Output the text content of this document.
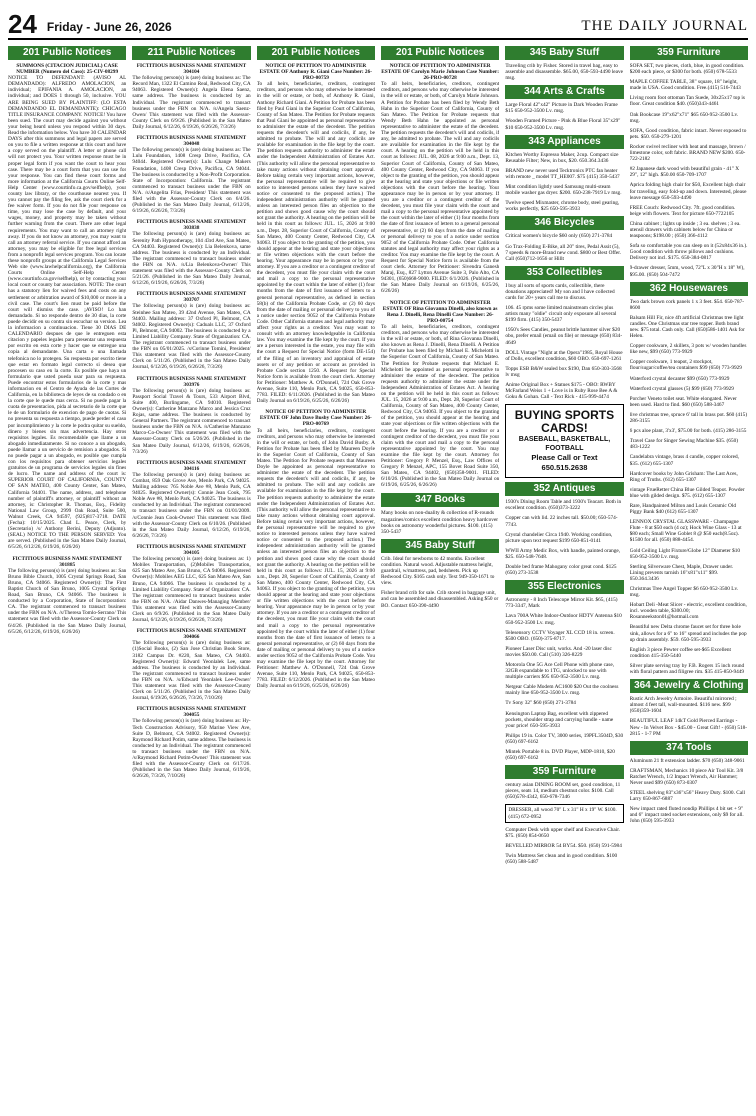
24 Friday - June 26, 2026	THE DAILY JOURNAL
201 Public Notices
SUMMONS (CITACION JUDICIAL) CASE NUMBER (Numero del Caso): 25-CIV-08299

NOTICE TO DEFENDANT: (AVISO AL DEMANDADO): ALFREDO AMOLACION, an individual; EPIFANIA A. AMOLACION, an individual; and DOES 1 through 50, inclusive. YOU ARE BEING SUED BY PLAINTIFF: (LO ESTA DEMANDANDO EL DEMANDANTE): CHICAGO TITLE INSURANCE COMPANY. NOTICE! You have been sued. The court may decide against you without your being heard unless you respond within 30 days. Read the information below. You have 30 CALENDAR DAYS after this summons and legal papers are served on you to file a written response at this court and have a copy served on the plaintiff. A letter or phone call will not protect you. Your written response must be in proper legal form if you want the court to hear your case. There may be a court form that you can use for your response. You can find these court forms and more information at the California Courts Online Self-Help Center (www.courtinfo.ca.gov/selfhelp), your county law library, or the courthouse nearest you. If you cannot pay the filing fee, ask the court clerk for a fee waiver form. If you do not file your response on time, you may lose the case by default, and your wages, money, and property may be taken without further warning from the court. There are other legal requirements. You may want to call an attorney right away. If you do not know an attorney, you may want to call an attorney referral service. If you cannot afford an attorney, you may be eligible for free legal services from a nonprofit legal services program. You can locate these nonprofit groups at the California Legal Services Web site (www.lawhelpcalifornia.org), the California Courts Online Self-Help Center (www.courtinfo.ca.gov/selfhelp), or by contacting your local court or county bar association. NOTE: The court has a statutory lien for waived fees and costs on any settlement or arbitration award of $10,000 or more in a civil case. The court's lien must be paid before the court will dismiss the case. ¡AVISO! Lo han demandado. Si no responde dentro de 30 dias, la corte puede decidir en su contra sin escuchar su version. Lea la informacion a continuacion. Tiene 30 DIAS DE CALENDARIO despues de que le entreguen esta citacion y papeles legales para presentar una respuesta por escrito en esta corte y hacer que se entregue una copia al demandante. Una carta o una llamada telefonica no lo protegen. Su respuesta por escrito tiene que estar en formato legal correcto si desea que procesen su caso en la corte. Es posible que haya un formulario que usted pueda usar para su respuesta. Puede encontrar estos formularios de la corte y mas informacion en el Centro de Ayuda de las Cortes de California, en la biblioteca de leyes de su condado o en la corte que le quede mas cerca. Si no puede pagar la cuota de presentacion, pida al secretario de la corte que le de un formulario de exencion de pago de cuotas. Si no presenta su respuesta a tiempo, puede perder el caso por incumplimiento y la corte le podra quitar su sueldo, dinero y bienes sin mas advertencia. Hay otros requisitos legales. Es recomendable que llame a un abogado inmediatamente. Si no conoce a un abogado, puede llamar a un servicio de remision a abogados. Si no puede pagar a un abogado, es posible que cumpla con los requisitos para obtener servicios legales gratuitos de un programa de servicios legales sin fines de lucro. The name and address of the court is: SUPERIOR COURT OF CALIFORNIA, COUNTY OF SAN MATEO, 400 County Center, San Mateo, California 94401. The name, address, and telephone number of plaintiff's attorney, or plaintiff without an attorney, is: Christopher R. Thomas, Esq., Fidelity National Law Group, 2999 Oak Road, Suite 500, Walnut Creek, CA 94597, (925)817-3718. DATE (Fecha): 10/15/2025. Chad L. Peace, Clerk, by (Secretario) /s/ Anthony Berini, Deputy (Adjunto). (SEAL) NOTICE TO THE PERSON SERVED: You are served. (Published in the San Mateo Daily Journal, 6/5/26, 6/12/26, 6/19/26, 6/26/26)

FICTITIOUS BUSINESS NAME STATEMENT 301885

The following person(s) is (are) doing business as: San Bruno Bible Church, 1005 Crystal Springs Road, San Bruno, CA 94066. Registered Owner(s): The First Baptist Church of San Bruno, 1005 Crystal Springs Road, San Bruno, CA 94066. The business is conducted by a Corporation, State of Incorporation: CA. The registrant commenced to transact business under the FBN on N/A. /s/Theresa Tomlo-Serrano/ This statement was filed with the Assessor-County Clerk on 6/4/26. (Published in the San Mateo Daily Journal, 6/5/26, 6/12/26, 6/19/26, 6/26/26)

211 Public Notices
FICTITIOUS BUSINESS NAME STATEMENT 304104

The following person(s) is (are) doing business as: The Record Man, 1322 El Camino Real, Redwood City, CA 94063. Registered Owner(s): Angela Elena Saenz, same address. The business is conducted by an Individual. The registrant commenced to transact business under the FBN on N/A. /s/Angela Saenz-Owen/ This statement was filed with the Assessor-County Clerk on 6/9/26. (Published in the San Mateo Daily Journal, 6/12/26, 6/19/26, 6/26/26, 7/3/26)

FICTITIOUS BUSINESS NAME STATEMENT 304048

The following person(s) is (are) doing business as: The Lulu Foundation, 1408 Cresp Drive, Pacifica, CA 94044. Registered Owner(s): Lulu Change Makers Foundation, 1408 Cresp Drive, Pacifica, CA 94044. The business is conducted by a Non-Profit Corporation. State of Incorporation: California. The registrant commenced to transact business under the FBN on N/A. /s/Angelita Frias, President/ This statement was filed with the Assessor-County Clerk on 6/4/26. (Published in the San Mateo Daily Journal, 6/12/26, 6/19/26, 6/26/26, 7/3/26)

FICTITIOUS BUSINESS NAME STATEMENT 303838

The following person(s) is (are) doing business as: Serenity Path Hypnotherapy, 104 43rd Ave, San Mateo, CA 94403. Registered Owner(s): Lia Belenkova, same address. The business is conducted by an Individual. The registrant commenced to transact business under the FBN on N/A. /s/Lia Belenkova-Owner/ This statement was filed with the Assessor-County Clerk on 5/21/26. (Published in the San Mateo Daily Journal, 6/12/26, 6/19/26, 6/26/26, 7/3/26)

FICTITIOUS BUSINESS NAME STATEMENT 303707

The following person(s) is (are) doing business as: Steinhee San Mateo, 39 42nd Avenue, San Mateo, CA 94403. Mailing address: 37 Oxford Pl, Belmont, CA 94002. Registered Owner(s): Caduals LLC, 37 Oxford Pl, Belmont, CA 94002. The business is conducted by a Limited Liability Company. State of Organization: CA. The registrant commenced to transact business under the FBN on 05/01/2025. /s/Corinne Tomini, President/ This statement was filed with the Assessor-County Clerk on 5/11/26. (Published in the San Mateo Daily Journal, 6/12/26, 6/19/26, 6/26/26, 7/3/26)

FICTITIOUS BUSINESS NAME STATEMENT 303976

The following person(s) is (are) doing business as: Passport Social Travel & Tours, 533 Airport Blvd, Suite 400, Burlingame, CA 94010. Registered Owner(s): Catherine Manzano Marco and Jessica Cruz Rojas, same address. The business is conducted by General Partners. The registrant commenced to transact business under the FBN on N/A. /s/Catherine Manzano Marco-Co-Owner/ This statement was filed with the Assessor-County Clerk on 5/26/26. (Published in the San Mateo Daily Journal, 6/12/26, 6/19/26, 6/26/26, 7/3/26)

FICTITIOUS BUSINESS NAME STATEMENT 304116

The following person(s) is (are) doing business as: Combat, 859 Oak Grove Ave, Menlo Park, CA 94025. Mailing address: 765 Noble Ave #8, Menlo Park, CA 94025. Registered Owner(s): Connie Jean Cook, 795 Noble Ave #8, Menlo Park, CA 94025. The business is conducted by an Individual. The registrant commenced to transact business under the FBN on 01/01/2009. /s/Connie Jean Cook-Owner/ This statement was filed with the Assessor-County Clerk on 6/10/26. (Published in the San Mateo Daily Journal, 6/12/26, 6/19/26, 6/26/26, 7/3/26)

FICTITIOUS BUSINESS NAME STATEMENT 304105

The following person(s) is (are) doing business as: 1) Mobiles Transportation, (2)Mobiles Transportation, 625 San Mateo Ave, San Bruno, CA 94066. Registered Owner(s): Mobiles AEG LLC, 625 San Mateo Ave, San Bruno, CA 94066. The business is conducted by a Limited Liability Company. State of Organization: CA. The registrant commenced to transact business under the FBN on N/A. /Aidar Danwes-Managing Member/ This statement was filed with the Assessor-County Clerk on 6/9/26. (Published in the San Mateo Daily Journal, 6/12/26, 6/19/26, 6/26/26, 7/3/26)

FICTITIOUS BUSINESS NAME STATEMENT 304066

The following person(s) is (are) doing business as: (1)Social Books, (2) San Jose Christian Book Store, 3182 Campus Dr. #220, San Mateo, CA 94403. Registered Owner(s): Edward Yeonlalek Lee, same address. The business is conducted by an Individual. The registrant commenced to transact business under the FBN on N/A. /s/Edward Yeonlalek Lee-Owner/ This statement was filed with the Assessor-County Clerk on 5/11/26. (Published in the San Mateo Daily Journal, 6/19/26, 6/26/26, 7/3/26, 7/10/26)

FICTITIOUS BUSINESS NAME STATEMENT 304055

The following person(s) is (are) doing business as: Hy-Tech Construction Advisory, 950 Marine View Ave, Suite D, Belmont, CA 94002. Registered Owner(s): Raymond Richard Potim, same address. The business is conducted by an Individual. The registrant commenced to transact business under the FBN on N/A. /s/Raymond Richard Potim-Owner/ This statement was filed with the Assessor-County Clerk on 6/17/26. (Published in the San Mateo Daily Journal, 6/19/26, 6/26/26, 7/3/26, 7/10/26)

201 Public Notices
NOTICE OF PETITION TO ADMINISTER ESTATE OF Anthony R. Giani Case Number: 26-PRO-00759

To all heirs, beneficiaries, creditors, contingent creditors, and persons who may otherwise be interested in the will or estate, or both, of Anthony R. Giani, Anthony Richard Giani. A Petition for Probate has been filed by Paul Giani in the Superior Court of California, County of San Mateo. The Petition for Probate requests that Paul Giani be appointed as personal representative to administer the estate of the decedent. The petition requests the decedent's will and codicils, if any, be admitted to probate. The will and any codicils are available for examination in the file kept by the court. The petition requests authority to administer the estate under the Independent Administration of Estates Act. (This authority will allow the personal representative to take many actions without obtaining court approval. Before taking certain very important actions, however, the personal representative will be required to give notice to interested persons unless they have waived notice or consented to the proposed action.) The independent administration authority will be granted unless an interested person files an objection to the petition and shows good cause why the court should not grant the authority. A hearing on the petition will be held in this court as follows: JUL. 15, 2026 at 9:00 a.m., Dept. 28, Superior Court of California, County of San Mateo, 400 County Center, Redwood City, CA 94063. If you object to the granting of the petition, you should appear at the hearing and state your objections or file written objections with the court before the hearing. Your appearance may be in person or by your attorney. If you are a creditor or a contingent creditor of the decedent, you must file your claim with the court and mail a copy to the personal representative appointed by the court within the later of either (1) four months from the date of first issuance of letters to a general personal representative, as defined in section 58(b) of the California Probate Code, or (2) 60 days from the date of mailing or personal delivery to you of a notice under section 9052 of the California Probate Code. Other California statutes and legal authority may affect your rights as a creditor. You may want to consult with an attorney knowledgeable in California law. You may examine the file kept by the court. If you are a person interested in the estate, you may file with the court a Request for Special Notice (form DE-154) of the filing of an inventory and appraisal of estate assets or of any petition or account as provided in Probate Code section 1250. A Request for Special Notice form is available from the court clerk. Attorney for Petitioner: Matthew A. O'Donnell, 724 Oak Grove Avenue, Suite 110, Menlo Park, CA 94025, 650-853-7783. FILED: 6/11/2026. (Published in the San Mateo Daily Journal on 6/19/26, 6/25/26, 6/26/26)

NOTICE OF PETITION TO ADMINISTER ESTATE OF John Dave Busby Case Number: 26-PRO-00769

To all heirs, beneficiaries, creditors, contingent creditors, and persons who may otherwise be interested in the will or estate, or both, of John David Busby. A Petition for Probate has been filed by Maureen Doyle in the Superior Court of California, County of San Mateo. The Petition for Probate requests that Maureen Doyle be appointed as personal representative to administer the estate of the decedent. The petition requests the decedent's will and codicils, if any, be admitted to probate. The will and any codicils are available for examination in the file kept by the court. The petition requests authority to administer the estate under the Independent Administration of Estates Act. (This authority will allow the personal representative to take many actions without obtaining court approval. Before taking certain very important actions, however, the personal representative will be required to give notice to interested persons unless they have waived notice or consented to the proposed action.) The independent administration authority will be granted unless an interested person files an objection to the petition and shows good cause why the court should not grant the authority. A hearing on the petition will be held in this court as follows: JUL. 15, 2026 at 9:00 a.m., Dept. 28, Superior Court of California, County of San Mateo, 400 County Center, Redwood City, CA 94063. If you object to the granting of the petition, you should appear at the hearing and state your objections or file written objections with the court before the hearing. Your appearance may be in person or by your attorney. If you are a creditor or a contingent creditor of the decedent, you must file your claim with the court and mail a copy to the personal representative appointed by the court within the later of either (1) four months from the date of first issuance of letters to a general personal representative, or (2) 60 days from the date of mailing or personal delivery to you of a notice under section 9052 of the California Probate Code. You may examine the file kept by the court. Attorney for Petitioner: Matthew A. O'Donnell, 724 Oak Grove Avenue, Suite 110, Menlo Park, CA 94025, 650-853-7783. FILED: 6/12/2026. (Published in the San Mateo Daily Journal on 6/19/26, 6/25/26, 6/26/26)

201 Public Notices
NOTICE OF PETITION TO ADMINISTER ESTATE OF Carolyn Marie Johnson Case Number: 26-PRO-00728

To all heirs, beneficiaries, creditors, contingent creditors, and persons who may otherwise be interested in the will or estate, or both, of Carolyn Marie Johnson. A Petition for Probate has been filed by Wendy Beth Hahn in the Superior Court of California, County of San Mateo. The Petition for Probate requests that Wendy Beth Hahn be appointed as personal representative to administer the estate of the decedent. The petition requests the decedent's will and codicils, if any, be admitted to probate. The will and any codicils are available for examination in the file kept by the court. A hearing on the petition will be held in this court as follows: JUL. 08, 2026 at 9:00 a.m., Dept. 13, Superior Court of California, County of San Mateo, 400 County Center, Redwood City, CA 94063. If you object to the granting of the petition, you should appear at the hearing and state your objections or file written objections with the court before the hearing. Your appearance may be in person or by your attorney. If you are a creditor or a contingent creditor of the decedent, you must file your claim with the court and mail a copy to the personal representative appointed by the court within the later of either (1) four months from the date of first issuance of letters to a general personal representative, or (2) 60 days from the date of mailing or personal delivery to you of a notice under section 9052 of the California Probate Code. Other California statutes and legal authority may affect your rights as a creditor. You may examine the file kept by the court. A Request for Special Notice form is available from the court clerk. Attorney for Petitioner: Sivendra Ganesh Maraj, Esq., 827 Lytton Avenue Suite 3, Palo Alto, CA 94301, (650)668-9000. FILED: 6/1/2026. (Published in the San Mateo Daily Journal on 6/19/26, 6/25/26, 6/26/26)

NOTICE OF PETITION TO ADMINISTER ESTATE OF Rina Giovanna Dinelli, also known as Rena J. Dinelli, Rena Dinelli Case Number: 26-PRO-00754

To all heirs, beneficiaries, creditors, contingent creditors, and persons who may otherwise be interested in the will or estate, or both, of Rina Giovanna Dinelli, also known as Rena J. Dinelli, Rena Dinelli. A Petition for Probate has been filed by Michael E. Michelotti in the Superior Court of California, County of San Mateo. The Petition for Probate requests that Michael E. Michelotti be appointed as personal representative to administer the estate of the decedent. The petition requests authority to administer the estate under the Independent Administration of Estates Act. A hearing on the petition will be held in this court as follows: JUL. 15, 2026 at 9:00 a.m., Dept. 28, Superior Court of California, County of San Mateo, 400 County Center, Redwood City, CA 94063. If you object to the granting of the petition, you should appear at the hearing and state your objections or file written objections with the court before the hearing. If you are a creditor or a contingent creditor of the decedent, you must file your claim with the court and mail a copy to the personal representative appointed by the court. You may examine the file kept by the court. Attorney for Petitioner: Gregory P. Menzel, Esq., Law Offices of Gregory P. Menzel, APC, 155 Bovet Road Suite 350, San Mateo, CA 94402, (650)358-9001. FILED: 6/10/26. (Published in the San Mateo Daily Journal on 6/19/26, 6/25/26, 6/26/26)

347 Books
Many books on non-duality & collection of R-rounds magazines/comics excellent condition heavy hardcover books on astronomy wonderful pictures. $100. (415) 350-5437
345 Baby Stuff
Crib. Ideal for newborns to 42 months. Excellent condition. Natural wood. Adjustable mattress height, guardrail, w/mattress, pad, bedsheets. Pick up Redwood City. $165 cash only. Text 949-350-1671 to view.
Fisher brand crib for sale. Crib stored in baggage unit, and can be assembled and disassembled. Asking $50 or BO. Contact 650-390-4490
345 Baby Stuff
Traveling crib by Fisher. Stored in travel bag, easy to assemble and disassemble. $65.00, 650-593-4490 leave msg.
344 Arts & Crafts
Large Floral 42"x42" Picture in Dark Wooden Frame $15 650-952-3500 Lv. msg.
Wooden Framed Picture - Pink & Blue Floral 35"x29" $10 650-952-3500 Lv. msg.
343 Appliances
Kitchen Worthy Espresso Maker, 2cup. Compact size Reusable Filter; New, in box, $20. 650.364.3436
BRAND new never used Tecktronics PTC fan heater with remote _ model TT_HE007. $75 (415) 350-5437
Mint condition lightly used Samsung multi-steam mobile washer gas dryer. $200. 650-238-7919 Lv msg.
Twelve speed Mixmaster, chrome body, steel gearing, works perfectly, $25 650-595-3933
346 Bicycles
Critical women's bicycle $60 only (650) 271-3784
Go Trax-Folding E-Bike, all 20" tires, Pedal Assit (5), 7 speeds & more-Brand new cond. $800 or Best Offer. Call (650)712-1656 or Hillt
353 Collectibles
I buy all sorts of sports cards, collectible, there donations appreciated! My son and I have collected cards for 20+ years call me to discuss.
106. 45 rpms some limited mainstream circles plus artists many "oldie" circuit only exposure all several $199 firm. (415) 350-5437
1950's Sees Candies, peanut brittle hammer silver $20 obo, prefer email (email on file) or message (650) 834-4649
DOLL Vintage "Night at the Opera"1985, Royal House of Dolls, excellent condition, $60 OBO. 650-697-1261
Topps ESB B&W sealed box $190, Dan 650-303-3568 lv msg
Anime Original Box + Statues $175 - OBO: RWBY McFarland Weiss 1 + Love is in Ruby Rose Bee A & Goku & Gohan. Call - Text Rick - 415-999-4474
BUYING SPORTS CARDS!
BASEBALL, BASKETBALL, FOOTBALL
Please Call or Text 650.515.2638
352 Antiques
1930's Dining Room Table and 1930's Teacart. Both in excellent condition. (650)373-3222
Copper can with lid. 22 inches tall. $50.00; 650-574-7743.
Crystal chandelier Circa 1940. Working condition, picture upon text request $199 650-851-0141
WWII Army Medic Box, with handle, painted orange, $25. 650-548-7648.
Double bed frame Mahogany color great cond. $125 (650) 273-3538
355 Electronics
Astronomy - 8 Inch Telescope Mirror Kit. $65, (415) 773-3347, Mark
Lava 700A White Indoor-Outdoor HDTV Antenna $10 650-952-3500 Lv. msg.
Telesensory CCTV Voyager XL CCD 18 in. screen. $500 OBO. (650)-375-8717.
Pioneer Laser Disc unit, works. And -20 laser disc movies $50.00. Call (510) 326-8229
Motorola One 5G Ace Cell Phone with phone case, 32GB expandable to 1TG, unlocked to use with multiple carriers $95 650-952-3500 Lv. msg.
Netgear Cable Modem AC1600 $20 Out the coolness mainly line 650-952-3500 Lv. msg.
Tv Sony 32" $60 (650) 271-3784
Kensington Laptop Bag, excellent with zippered pockets, shoulder strap and carrying handle - name your price! 650-595-3933
Philips 19 in. Color TV, 3000 series, 19PFL3504D, $30 (650) 697-6162
Mintek Portable 8 in. DVD Player, MDP-1810, $20 (650) 697-6162
359 Furniture
century asian DINING ROOM set, good condition, 11 pieces, seats 14, medium chestnut color. $100. Call (650)578-4342, 650-678-7346
DRESSER, all wood 70" L x 31" H x 19" W. $100. (415) 672-0952
Computer Desk with upper shelf and Executive Chair. $75. (650) 854-0650
BEVELLED MIRROR 54 BY54. $50. (650) 591-5984
Twin Mattress Set clean and in good condition. $100 (650) 588-5487
359 Furniture
SOFA SET, two pieces, cloth, blue, in good condition. $200 each piece, or $300 for both. (650) 678-5533
MAPLE COFFEE TABLE, 38" square, 18" height, made in USA. Good condition. Free.(415) 516-7443
Living room foot ottoman Tan Suede, 30x25x17 top is floor. Great condition $40. (650)343-4461
Oak Bookcase 19"x62"x71" $65 650-952-3500 Lv. msg.
SOFA, Good condition, fabric intact. Never exposed to pets. $50. 650-279-1201
Rocker swivel recliner with heat and massage, brown / limestone color, soft fabric. BRAND NEW $200. 650-722-2182
#2 Japanese dark wood with beautiful grain - 41" X 29", 12" high. $50.00 650-709-1707
Aprica folding high chair for $50, Excellent high chair for traveling, easy fold-up and down. Interested, please leave message 650-593-4490
FREE Couch: Redwood City. 7ft. good condition. beige with flowers. Text for picture 650-7722105
China cabinet ; lights up inside ; 3 ea. shelves ; 3 ea. utensil drawers with cabinets below for China or teaspoons; $198.00 ; (650) 366-4112
Sofa so comfortable you can sleep on it (52x84x36 in.). Good condition with throw pillows and cushions. Delivery not incl. $175. 650-384-0817
9-drawer dresser, 5mm, wood, 72"L x 30"H x 18" W), $95.00. (650) 504-7472
362 Housewares
Two dark brown cork panels 1 x 3 feet. $54. 650-787-8600
Balsam Hill Fir, nice 4ft artificial Christmas tree light candles. One Christmas star tree topper. Both brand new. $75 total. Cash only. Call (650)586-1401 Ask for Helen.
Copper cookware, 2 skillets, 3 pots w/ wooden handles like new, $99 (650) 773-9929
Copper cookware, 1 teapot, 2 stockpot, flour/sugar/coffee/tea containers $99 (650) 773-9929
Waterford crystal decanter $99 (650) 773-9929
Waterford crystal glasses (5) $99 (650) 773-9929
Porcher Veneto toilet seat. White elongated. Never been used. Hard to find. $60 (650) 588-3467
live christmas tree, spruce 6' tall in brass pot. $60 (415) 286-3155
6 pcs aloe plant, 3'x3', $75.00 for both. (415) 286-3155
Travel Case for Singer Sewing Machine $35. (650) 483-1222
Candelabra vintage, brass 4 candle, copper colored, $35. (612) 655-1307
Hardcover books by John Grisham: The Last Aces, Ring of Truths. (612) 655-1307
vintage FrueRetter China Blue Gilded Teapot. Powder blue with gilded design. $75. (612) 655-1307
Rare, Handpainted Milton and Louis Ceramic Old Piggy Bank $40 (612) 655-1307
LENNOX CRYSTAL GLASSWARE - Champagne Flute - 8 at $50 each (4 oz); Hock Wine Glass - 13 at $80 each; Small Wine Goblet 8 @ $50 each(8.5oz). $1500 for all. (650) 888-4454.
Gold Ceiling Light Fixture/Globe 12" Diameter $10 650-952-3500 Lv. msg.
Sterling Silverware Chest, Maple, Drawer under. Lining prevents tarnish 16"x81"x11" $99. 650.364.3436
Christmas Tree Angel Topper $6 650-952-3500 Lv. msg.
Hobart Deli -Meat Slicer - electric, excellent condition, incl. wooden table, $300.00; Rosanneekston01@hotmail.com
Beautiful new Delta chrome faucet set for three hole sink, allows for a 6" to 16" spread and includes the pop up drain assembly. $59. 650-595-3933
English 3 piece Pewter coffee set-$65 Excellent condition 415-350-5440
Silver plate serving tray by F.B. Rogers 15 inch round with floral pattern and filigree rim. $35 415-850-9449
364 Jewelry & Clothing
Rustic Arch Jewelry Armoire. Beautiful mirrored ; almost 4 feet tall, wall-mounted. $116 new. $99 (650)359-1604
BEAUTIFUL LEAF 14kT Gold Pierced Earrings - New - In Velvet Box - $45.00 - Great Gift! - (650) 518-2815 - 1-7 PM
374 Tools
Aluminum 21 ft extension ladder. $70 (650) 348-9061
CRAFTSMAN, Mechanics 10 piece Air Tool Kit. 3/8 Ratchet Wrench, 1/2 Impact Wrench, Air Hammer; Never used $99 (650) 873-0307
STEEL shelving 83"x36"x56" Heavy Duty. $100. Call Larry 650-867-6887
New impact rated fluted nondip Phillips 4 bit set + 9" and 6" impact rated socket extensions, only $9 for all. John (650) 595-3933
